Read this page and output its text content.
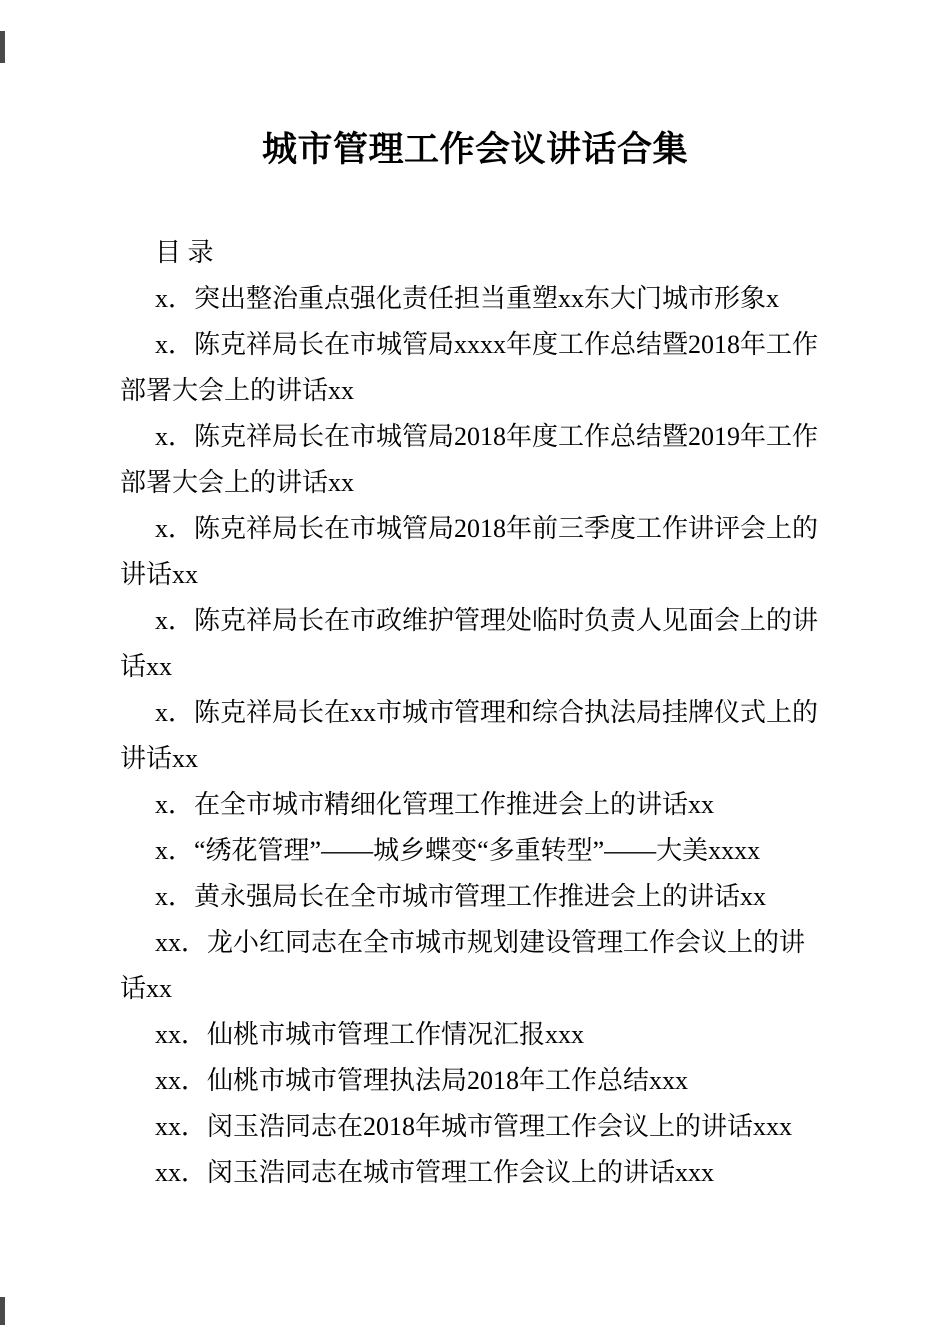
城市管理工作会议讲话合集

目 录

x．突出整治重点强化责任担当重塑xx东大门城市形象x

x．陈克祥局长在市城管局xxxx年度工作总结暨2018年工作部署大会上的讲话xx

x．陈克祥局长在市城管局2018年度工作总结暨2019年工作部署大会上的讲话xx

x．陈克祥局长在市城管局2018年前三季度工作讲评会上的讲话xx

x．陈克祥局长在市政维护管理处临时负责人见面会上的讲话xx

x．陈克祥局长在xx市城市管理和综合执法局挂牌仪式上的讲话xx

x．在全市城市精细化管理工作推进会上的讲话xx

x．“绣花管理”——城乡蝶变“多重转型”——大美xxxx

x．黄永强局长在全市城市管理工作推进会上的讲话xx

xx．龙小红同志在全市城市规划建设管理工作会议上的讲话xx

xx．仙桃市城市管理工作情况汇报xxx

xx．仙桃市城市管理执法局2018年工作总结xxx

xx．闵玉浩同志在2018年城市管理工作会议上的讲话xxx

xx．闵玉浩同志在城市管理工作会议上的讲话xxx
